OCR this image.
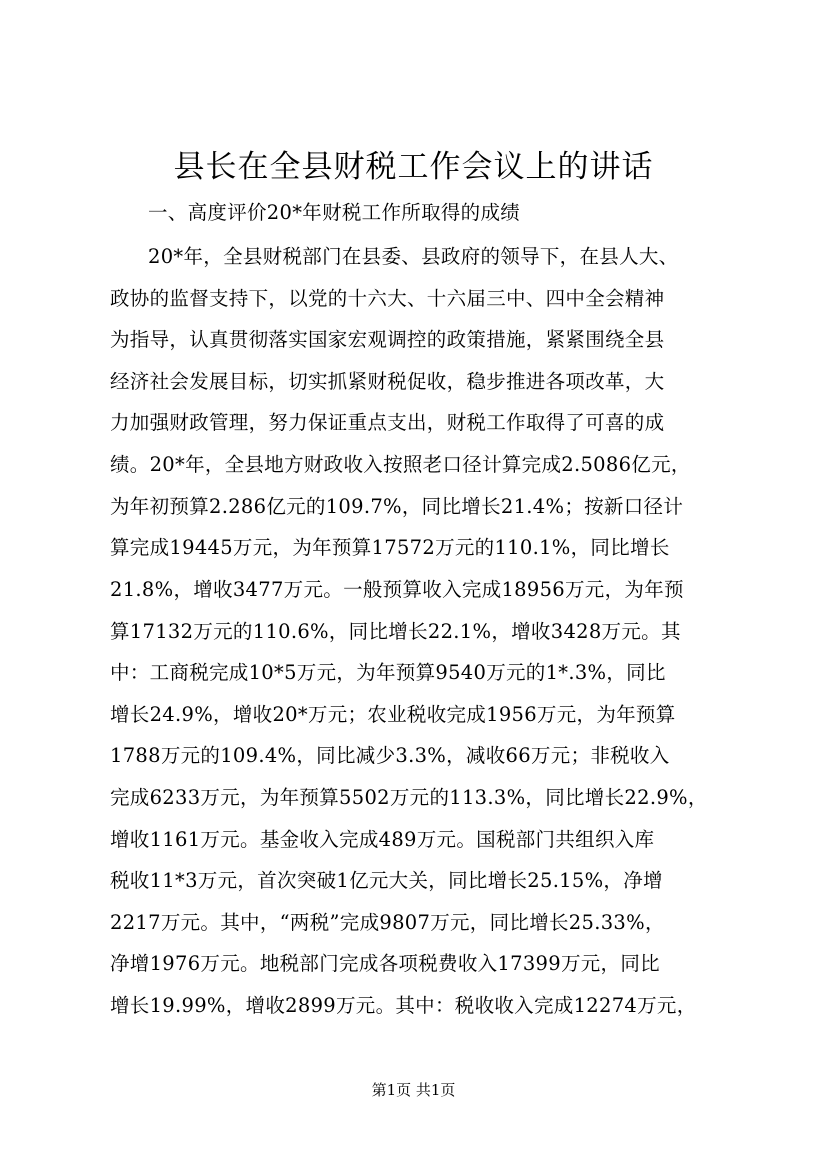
县长在全县财税工作会议上的讲话
一、高度评价20*年财税工作所取得的成绩
20*年，全县财税部门在县委、县政府的领导下，在县人大、
政协的监督支持下，以党的十六大、十六届三中、四中全会精神
为指导，认真贯彻落实国家宏观调控的政策措施，紧紧围绕全县
经济社会发展目标，切实抓紧财税促收，稳步推进各项改革，大
力加强财政管理，努力保证重点支出，财税工作取得了可喜的成
绩。20*年，全县地方财政收入按照老口径计算完成2.5086亿元，
为年初预算2.286亿元的109.7%，同比增长21.4%；按新口径计
算完成19445万元，为年预算17572万元的110.1%，同比增长
21.8%，增收3477万元。一般预算收入完成18956万元，为年预
算17132万元的110.6%，同比增长22.1%，增收3428万元。其
中：工商税完成10*5万元，为年预算9540万元的1*.3%，同比
增长24.9%，增收20*万元；农业税收完成1956万元，为年预算
1788万元的109.4%，同比减少3.3%，减收66万元；非税收入
完成6233万元，为年预算5502万元的113.3%，同比增长22.9%，
增收1161万元。基金收入完成489万元。国税部门共组织入库
税收11*3万元，首次突破1亿元大关，同比增长25.15%，净增
2217万元。其中，“两税”完成9807万元，同比增长25.33%，
净增1976万元。地税部门完成各项税费收入17399万元，同比
增长19.99%，增收2899万元。其中：税收收入完成12274万元，
第1页 共1页
